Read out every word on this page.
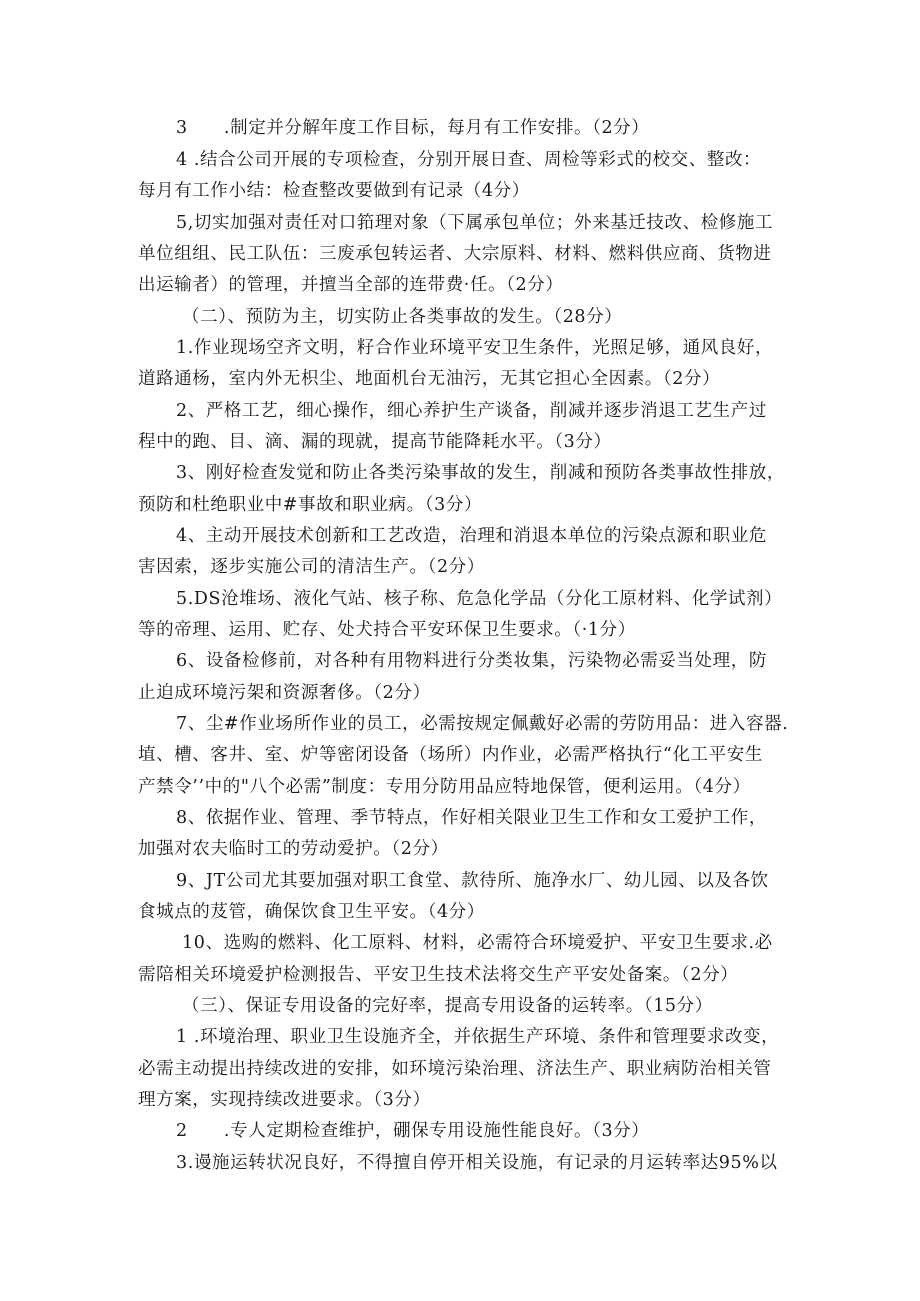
3　　.制定并分解年度工作目标，每月有工作安排。（2分）
4 .结合公司开展的专项检查，分别开展日查、周检等彩式的校交、整改：
每月有工作小结：检查整改要做到有记录（4分）
5,切实加强对责任对口筘理对象（下属承包单位；外来基迁技改、检修施工
单位组组、民工队伍：三废承包转运者、大宗原料、材料、燃料供应商、货物进
出运输者）的管理，并擅当全部的连带费·任。（2分）
（二）、预防为主，切实防止各类事故的发生。（28分）
1.作业现场空齐文明，籽合作业环境平安卫生条件，光照足够，通风良好，
道路通杨，室内外无枳尘、地面机台无油污，无其它担心全因素。（2分）
2、严格工艺，细心操作，细心养护生产谈备，削减并逐步消退工艺生产过
程中的跑、目、滴、漏的现就，提高节能降耗水平。（3分）
3、刚好检查发觉和防止各类污染事故的发生，削减和预防各类事故性排放，
预防和杜绝职业中#事故和职业病。（3分）
4、主动开展技术创新和工艺改造，治理和消退本单位的污染点源和职业危
害因索，逐步实施公司的清洁生产。（2分）
5.DS沧堆场、液化气站、核子称、危急化学品（分化工原材料、化学试剂）
等的帝理、运用、贮存、处犬持合平安环保卫生要求。（·1分）
6、设备检修前，对各种有用物料进行分类妆集，污染物必需妥当处理，防
止迫成环境污架和资源奢侈。（2分）
7、尘#作业场所作业的员工，必需按规定佩戴好必需的劳防用品：进入容器.
埴、槽、客井、室、炉等密闭设备（场所）内作业，必需严格执行“化工平安生
产禁令’’中的"八个必需”制度：专用分防用品应特地保管，便利运用。（4分）
8、依据作业、管理、季节特点，作好相关限业卫生工作和女工爱护工作，
加强对农夫临时工的劳动爱护。（2分）
9、JT公司尤其要加强对职工食堂、款待所、施净水厂、幼儿园、以及各饮
食城点的芨管，确保饮食卫生平安。（4分）
10、选购的燃料、化工原料、材料，必需符合环境爱护、平安卫生要求.必
需陪相关环境爱护检测报告、平安卫生技术法将交生产平安处备案。（2分）
（三）、保证专用设备的完好率，提高专用设备的运转率。（15分）
1 .环境治理、职业卫生设施齐全，并依据生产环境、条件和管理要求改变，
必需主动提出持续改进的安排，如环境污染治理、济法生产、职业病防治相关管
理方案，实现持续改进要求。（3分）
2　　.专人定期检查维护，硼保专用设施性能良好。（3分）
3.谩施运转状况良好，不得擅自停开相关设施，有记录的月运转率达95%以
